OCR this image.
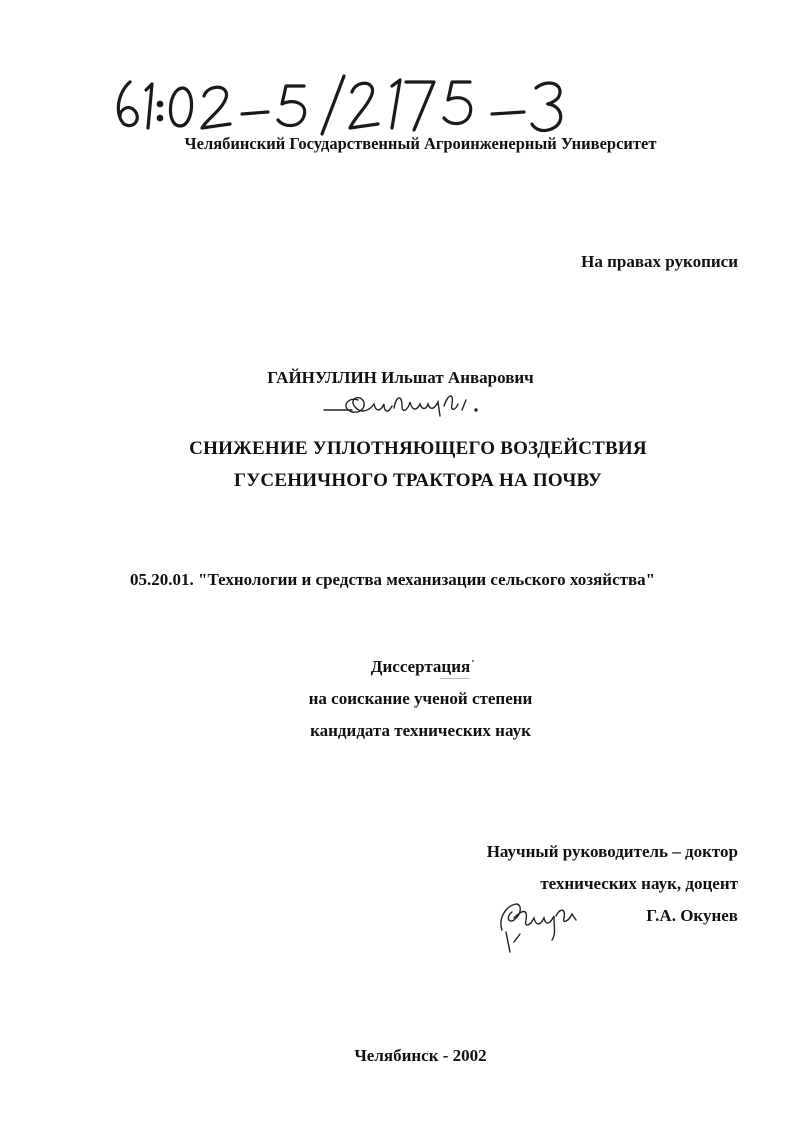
Челябинский Государственный Агроинженерный Университет
На правах рукописи
ГАЙНУЛЛИН Ильшат Анварович
СНИЖЕНИЕ УПЛОТНЯЮЩЕГО ВОЗДЕЙСТВИЯ
ГУСЕНИЧНОГО ТРАКТОРА НА ПОЧВУ
05.20.01. "Технологии и средства механизации сельского хозяйства"
Диссертация
на соискание ученой степени
кандидата технических наук
Научный руководитель – доктор
технических наук, доцент
Г.А. Окунев
Челябинск - 2002
